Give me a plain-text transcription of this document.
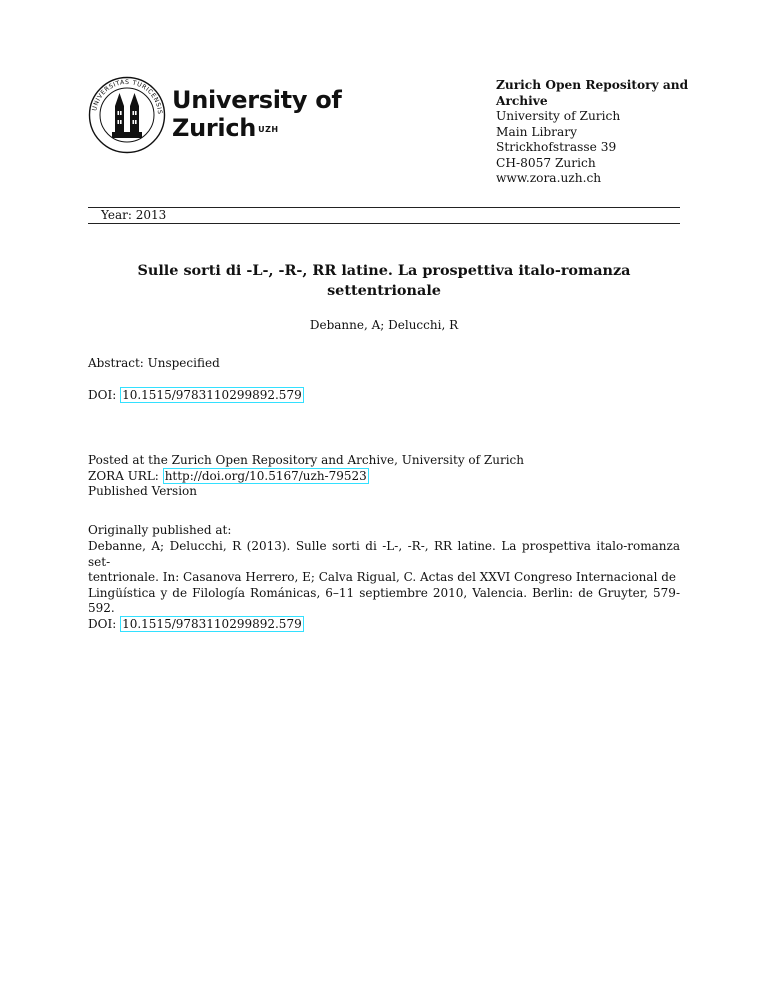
UNIVERSITAS TURICENSIS University of
Zurich $^{UZH}$
Zurich Open Repository and
Archive
University of Zurich
Main Library
Strickhofstrasse 39
CH-8057 Zurich
www.zora.uzh.ch
Year: 2013
Sulle sorti di -L-, -R-, RR latine. La prospettiva italo-romanza settentrionale
Debanne, A; Delucchi, R
Abstract: Unspecified
DOI: 10.1515/9783110299892.579
Posted at the Zurich Open Repository and Archive, University of Zurich
ZORA URL: http://doi.org/10.5167/uzh-79523
Published Version
Originally published at:
Debanne, A; Delucchi, R (2013). Sulle sorti di -L-, -R-, RR latine. La prospettiva italo-romanza set-
tentrionale. In: Casanova Herrero, E; Calva Rigual, C. Actas del XXVI Congreso Internacional de
Lingüística y de Filología Románicas, 6–11 septiembre 2010, Valencia. Berlin: de Gruyter, 579-592.
DOI: 10.1515/9783110299892.579
